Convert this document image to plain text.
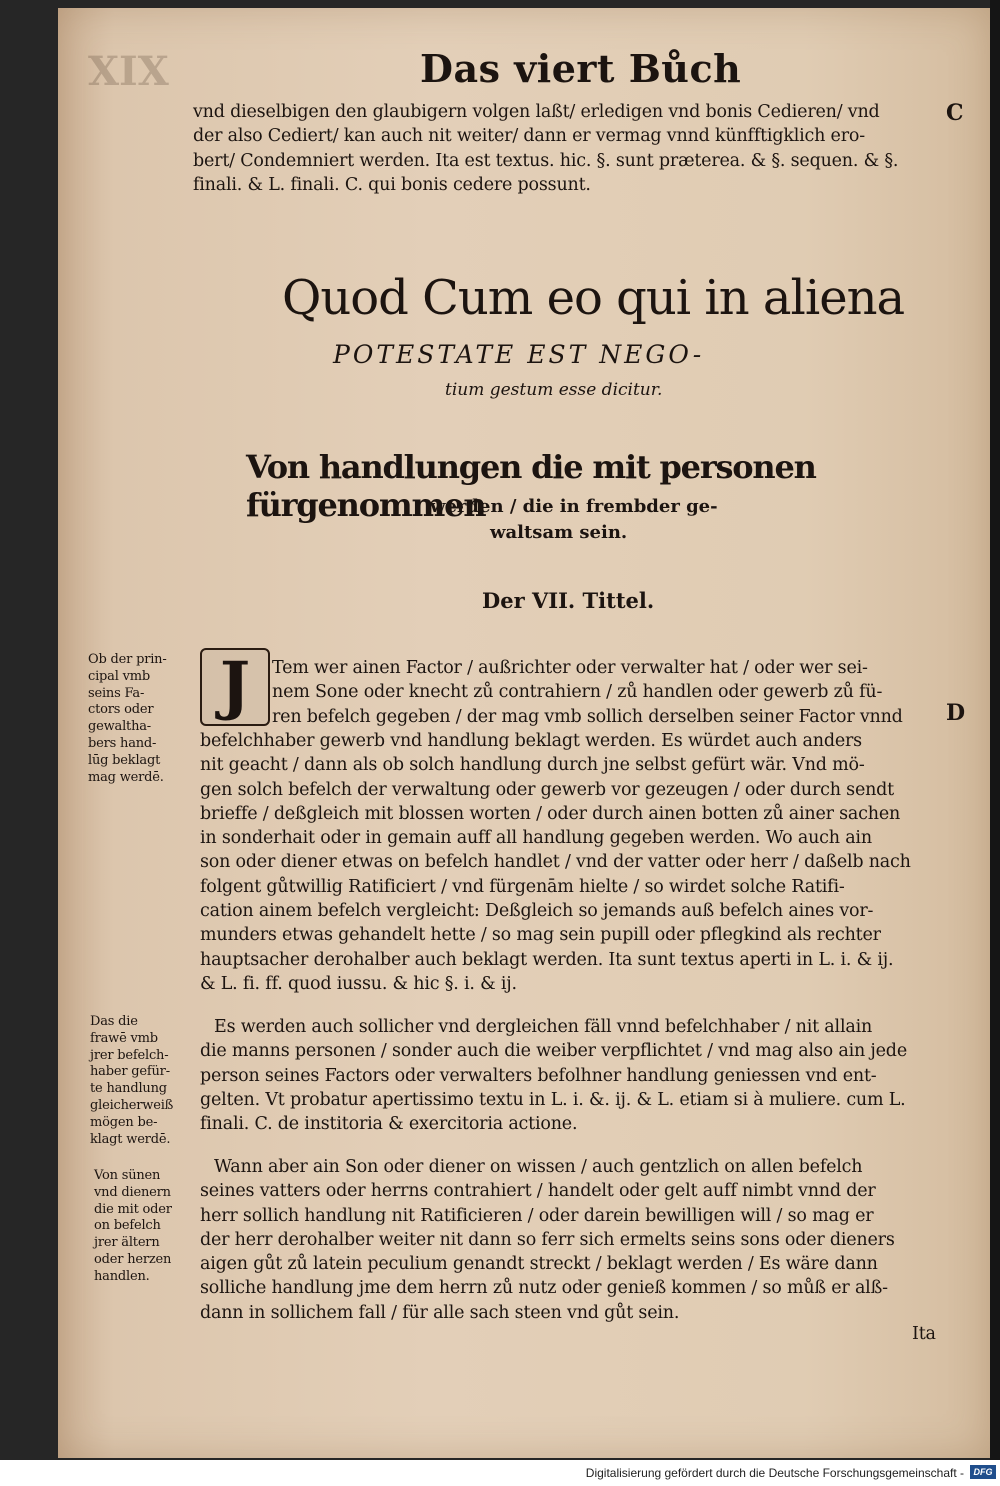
XIX	Das viert Bůch
C
D
vnd dieselbigen den glaubigern volgen laßt/ erledigen vnd bonis Cedieren/ vnd
der also Cediert/ kan auch nit weiter/ dann er vermag vnnd künfftigklich ero-
bert/ Condemniert werden. Ita est textus. hic. §. sunt præterea. & §. sequen. & §.
finali. & L. finali. C. qui bonis cedere possunt.
Quod Cum eo qui in aliena
POTESTATE EST NEGO-
tium gestum esse dicitur.
Von handlungen die mit personen fürgenommen
werden / die in frembder ge-
waltsam sein.
Der VII. Tittel.
J
Ob der prin-
cipal vmb
seins Fa-
ctors oder
gewaltha-
bers hand-
lūg beklagt
mag werdē.
Das die
frawē vmb
jrer befelch-
haber gefür-
te handlung
gleicherweiß
mögen be-
klagt werdē.
Von sünen
vnd dienern
die mit oder
on befelch
jrer ältern
oder herzen
handlen.
Tem wer ainen Factor / außrichter oder verwalter hat / oder wer sei-
nem Sone oder knecht zů contrahiern / zů handlen oder gewerb zů fü-
ren befelch gegeben / der mag vmb sollich derselben seiner Factor vnnd
befelchhaber gewerb vnd handlung beklagt werden. Es würdet auch anders
nit geacht / dann als ob solch handlung durch jne selbst gefürt wär. Vnd mö-
gen solch befelch der verwaltung oder gewerb vor gezeugen / oder durch sendt
brieffe / deßgleich mit blossen worten / oder durch ainen botten zů ainer sachen
in sonderhait oder in gemain auff all handlung gegeben werden. Wo auch ain
son oder diener etwas on befelch handlet / vnd der vatter oder herr / daßelb nach
folgent gůtwillig Ratificiert / vnd fürgenām hielte / so wirdet solche Ratifi-
cation ainem befelch vergleicht: Deßgleich so jemands auß befelch aines vor-
munders etwas gehandelt hette / so mag sein pupill oder pflegkind als rechter
hauptsacher derohalber auch beklagt werden. Ita sunt textus aperti in L. i. & ij.
& L. fi. ff. quod iussu. & hic §. i. & ij.
Es werden auch sollicher vnd dergleichen fäll vnnd befelchhaber / nit allain
die manns personen / sonder auch die weiber verpflichtet / vnd mag also ain jede
person seines Factors oder verwalters befolhner handlung geniessen vnd ent-
gelten. Vt probatur apertissimo textu in L. i. &. ij. & L. etiam si à muliere. cum L.
finali. C. de institoria & exercitoria actione.
Wann aber ain Son oder diener on wissen / auch gentzlich on allen befelch
seines vatters oder herrns contrahiert / handelt oder gelt auff nimbt vnnd der
herr sollich handlung nit Ratificieren / oder darein bewilligen will / so mag er
der herr derohalber weiter nit dann so ferr sich ermelts seins sons oder dieners
aigen gůt zů latein peculium genandt streckt / beklagt werden / Es wäre dann
solliche handlung jme dem herrn zů nutz oder genieß kommen / so můß er alß-
dann in sollichem fall / für alle sach steen vnd gůt sein.
Ita
Digitalisierung gefördert durch die Deutsche Forschungsgemeinschaft -	DFG
